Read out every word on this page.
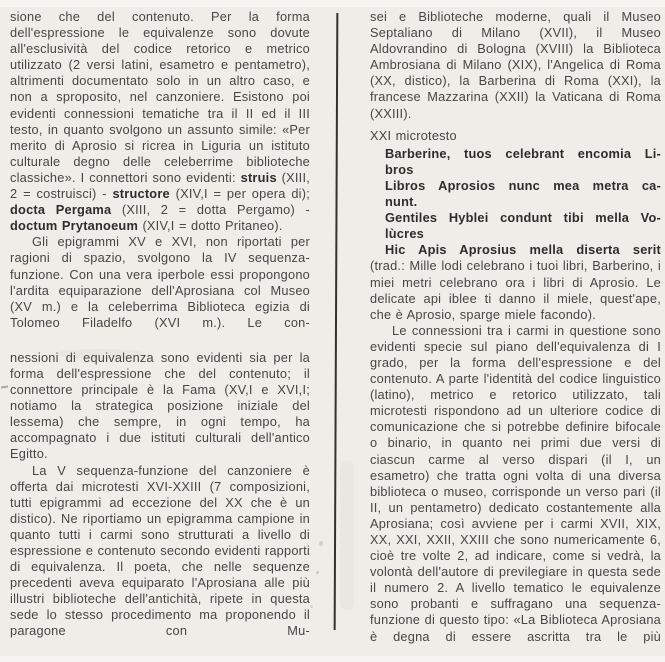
sione che del contenuto. Per la forma dell'espressione le equivalenze sono dovute all'esclusività del codice retorico e metrico utilizzato (2 versi latini, esametro e pentametro), altrimenti documentato solo in un altro caso, e non a sproposito, nel canzoniere. Esistono poi evidenti connessioni tematiche tra il II ed il III testo, in quanto svolgono un assunto simile: «Per merito di Aprosio si ricrea in Liguria un istituto culturale degno delle celeberrime biblioteche classiche». I connettori sono evidenti: struis (XIII, 2 = costruisci) - structore (XIV,I = per opera di); docta Pergama (XIII, 2 = dotta Pergamo) - doctum Prytanoeum (XIV,I = dotto Pritaneo).
Gli epigrammi XV e XVI, non riportati per ragioni di spazio, svolgono la IV sequenza-funzione. Con una vera iperbole essi propongono l'ardita equiparazione dell'Aprosiana col Museo (XV m.) e la celeberrima Biblioteca egizia di Tolomeo Filadelfo (XVI m.). Le con-
nessioni di equivalenza sono evidenti sia per la forma dell'espressione che del contenuto; il connettore principale è la Fama (XV,I e XVI,I; notiamo la strategica posizione iniziale del lessema) che sempre, in ogni tempo, ha accompagnato i due istituti culturali dell'antico Egitto.
La V sequenza-funzione del canzoniere è offerta dai microtesti XVI-XXIII (7 composizioni, tutti epigrammi ad eccezione del XX che è un distico). Ne riportiamo un epigramma campione in quanto tutti i carmi sono strutturati a livello di espressione e contenuto secondo evidenti rapporti di equivalenza. Il poeta, che nelle sequenze precedenti aveva equiparato l'Aprosiana alle più illustri biblioteche dell'antichità, ripete in questa sede lo stesso procedimento ma proponendo il paragone con Mu-
sei e Biblioteche moderne, quali il Museo Septaliano di Milano (XVII), il Museo Aldovrandino di Bologna (XVIII) la Biblioteca Ambrosiana di Milano (XIX), l'Angelica di Roma (XX, distico), la Barberina di Roma (XXI), la francese Mazzarina (XXII) la Vaticana di Roma (XXIII).
XXI microtesto
Barberine, tuos celebrant encomia Li-
bros
Libros Aprosios nunc mea metra ca-
nunt.
Gentiles Hyblei condunt tibi mella Vo-
lùcres
Hic Apis Aprosius mella diserta serit
(trad.: Mille lodi celebrano i tuoi libri, Barberino, i miei metri celebrano ora i libri di Aprosio. Le delicate api iblee ti danno il miele, quest'ape, che è Aprosio, sparge miele facondo).
Le connessioni tra i carmi in questione sono evidenti specie sul piano dell'equivalenza di I grado, per la forma dell'espressione e del contenuto. A parte l'identità del codice linguistico (latino), metrico e retorico utilizzato, tali microtesti rispondono ad un ulteriore codice di comunicazione che si potrebbe definire bifocale o binario, in quanto nei primi due versi di ciascun carme al verso dispari (il I, un esametro) che tratta ogni volta di una diversa biblioteca o museo, corrisponde un verso pari (il II, un pentametro) dedicato costantemente alla Aprosiana; così avviene per i carmi XVII, XIX, XX, XXI, XXII, XXIII che sono numericamente 6, cioè tre volte 2, ad indicare, come si vedrà, la volontà dell'autore di previlegiare in questa sede il numero 2. A livello tematico le equivalenze sono probanti e suffragano una sequenza-funzione di questo tipo: «La Biblioteca Aprosiana è degna di essere ascritta tra le più
